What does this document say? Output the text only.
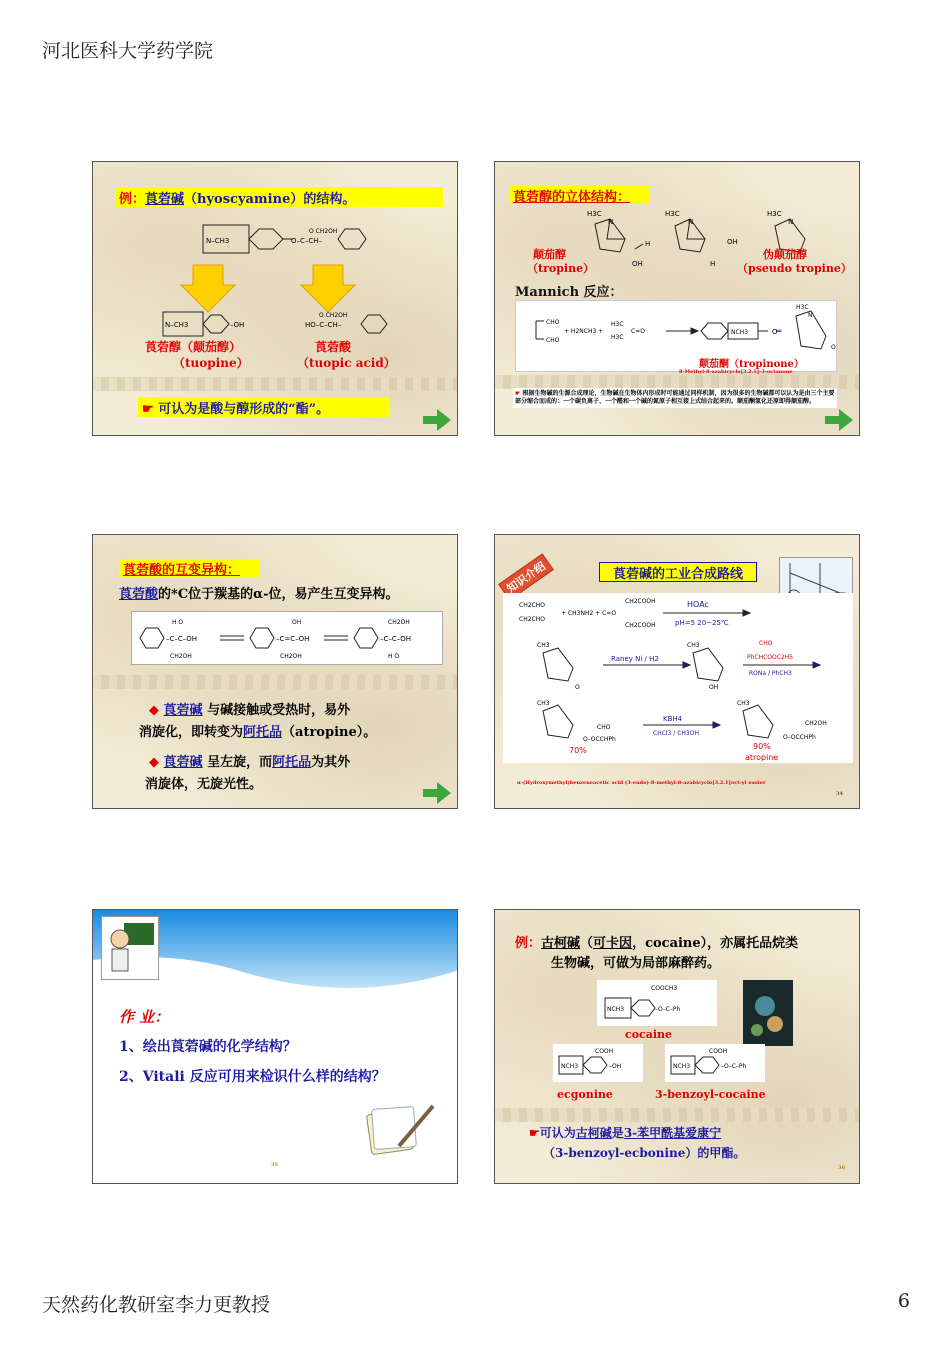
河北医科大学药学院
例：莨菪碱（hyoscyamine）的结构。
N–CH3	O–C–CH–
O CH2OH
N–CH3	–OH	HO–C–CH–
O CH2OH
莨菪醇（颠茄醇）
（tuopine）
莨菪酸
（tuopic acid）
☛ 可认为是酸与醇形成的“酯”。
莨菪醇的立体结构：
H3C
N
H
OH
H3C
N
OH
H
H3C
N
颠茄醇
（tropine）
伪颠茄醇
（pseudo tropine）
Mannich 反应：
CHO
CHO
+ H2NCH3 +
H3C
H3C
C=O	NCH3	O
═
H3C
N
O
颠茄酮（tropinone）
8-Methyl-8-azabicyclo[3.2.1]-3-octanone
☛ 根据生物碱的生源合成理论，生物碱在生物体内形成时可能通过同样机制，因为很多的生物碱都可以认为是由三个主要部分缩合而成的：一个碳负离子、一个醛和一个碱的氮原子相互接上式结合起来的。颠茄酮氢化还原即得颠茄醇。
莨菪酸的互变异构：
莨菪酸的*C位于羰基的α-位，易产生互变异构。
–C–C–OH
H O
CH2OH
–C=C–OH
OH
CH2OH
–C–C–OH
CH2OH
H O
◆ 莨菪碱 与碱接触或受热时，易外
消旋化，即转变为阿托品（atropine）。
◆ 莨菪碱 呈左旋，而阿托品为其外
消旋体，无旋光性。
知识介绍	莨菪碱的工业合成路线
CH2CHO
CH2CHO
+ CH3NH2 + C=O
CH2COOH
CH2COOH
HOAc
pH=5 20~25℃
CH3
O
Raney Ni / H2
CH3
OH
CHO
PhCHCOOC2H5
RONa / PhCH3
CH3
CHO
O–OCCHPh
KBH4
CHCl3 / CH3OH
70%
CH3
CH2OH
O–OCCHPh
90%
atropine
α-(Hydroxymethyl)benzeneacetic acid (3-endo)-8-methyl-8-azabicyclo[3.2.1]oct-yl easter
34
作 业：
1、绘出莨菪碱的化学结构？
2、Vitali 反应可用来检识什么样的结构？
35
例：古柯碱（可卡因，cocaine），亦属托品烷类
生物碱，可做为局部麻醉药。
NCH3
COOCH3
–O–C–Ph
cocaine
NCH3
COOH
–OH	NCH3
COOH
–O–C–Ph
ecgonine	3-benzoyl-cocaine
☛可认为古柯碱是3-苯甲酰基爱康宁
（3-benzoyl-ecbonine）的甲酯。
36
天然药化教研室李力更教授	6
